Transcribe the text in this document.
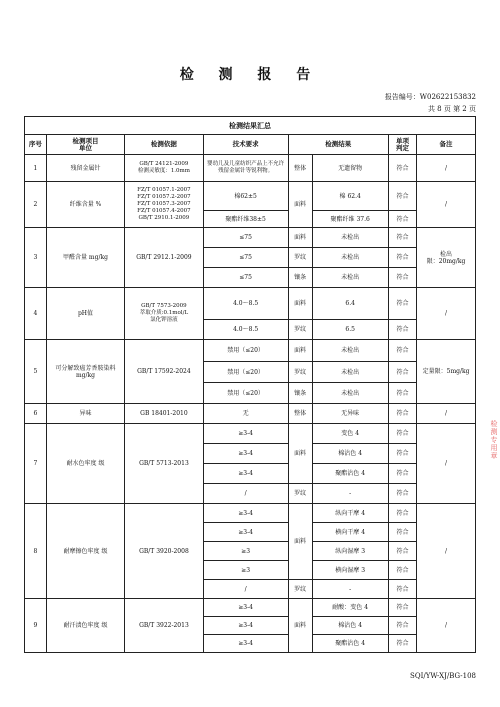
检 测 报 告
报告编号：W02622153832
共 8 页 第 2 页
检
测
专
用
章
检测结果汇总							
序号	检测项目
单位	检测依据	技术要求	检测结果		单项
判定	备注
1	残留金属针	GB/T 24121-2009
检测灵敏度：1.0mm	婴幼儿及儿童纺织产品上不允许残留金属针等锐利物。	整体	无遗留物	符合	/
2	纤维含量 %	FZ/T 01057.1-2007
FZ/T 01057.2-2007
FZ/T 01057.3-2007
FZ/T 01057.4-2007
GB/T 2910.1-2009	棉62±5	面料	棉 62.4	符合	/
			聚酯纤维38±5		聚酯纤维 37.6	符合	
3	甲醛含量 mg/kg	GB/T 2912.1-2009	≤75	面料	未检出	符合	检出
限：20mg/kg
			≤75	罗纹	未检出	符合	
			≤75	镶条	未检出	符合	
4	pH值	GB/T 7573-2009
萃取介质:0.1mol/L
氯化钾溶液	4.0～8.5	面料	6.4	符合	/
			4.0～8.5	罗纹	6.5	符合	
5	可分解致癌芳香胺染料
mg/kg	GB/T 17592-2024	禁用（≤20）	面料	未检出	符合	定量限：5mg/kg
			禁用（≤20）	罗纹	未检出	符合	
			禁用（≤20）	镶条	未检出	符合	
6	异味	GB 18401-2010	无	整体	无异味	符合	/
7	耐水色牢度 级	GB/T 5713-2013	≥3-4	面料	变色 4	符合	/
			≥3-4		棉沾色 4	符合	
			≥3-4		聚酯沾色 4	符合	
			/	罗纹	-	符合	
8	耐摩擦色牢度 级	GB/T 3920-2008	≥3-4	面料	纵向干摩 4	符合	/
			≥3-4		横向干摩 4	符合	
			≥3		纵向湿摩 3	符合	
			≥3		横向湿摩 3	符合	
			/	罗纹	-	符合	
9	耐汗渍色牢度 级	GB/T 3922-2013	≥3-4	面料	耐酸：变色 4	符合	/
			≥3-4		棉沾色 4	符合	
			≥3-4		聚酯沾色 4	符合	
SQI/YW-XJ/BG-108
